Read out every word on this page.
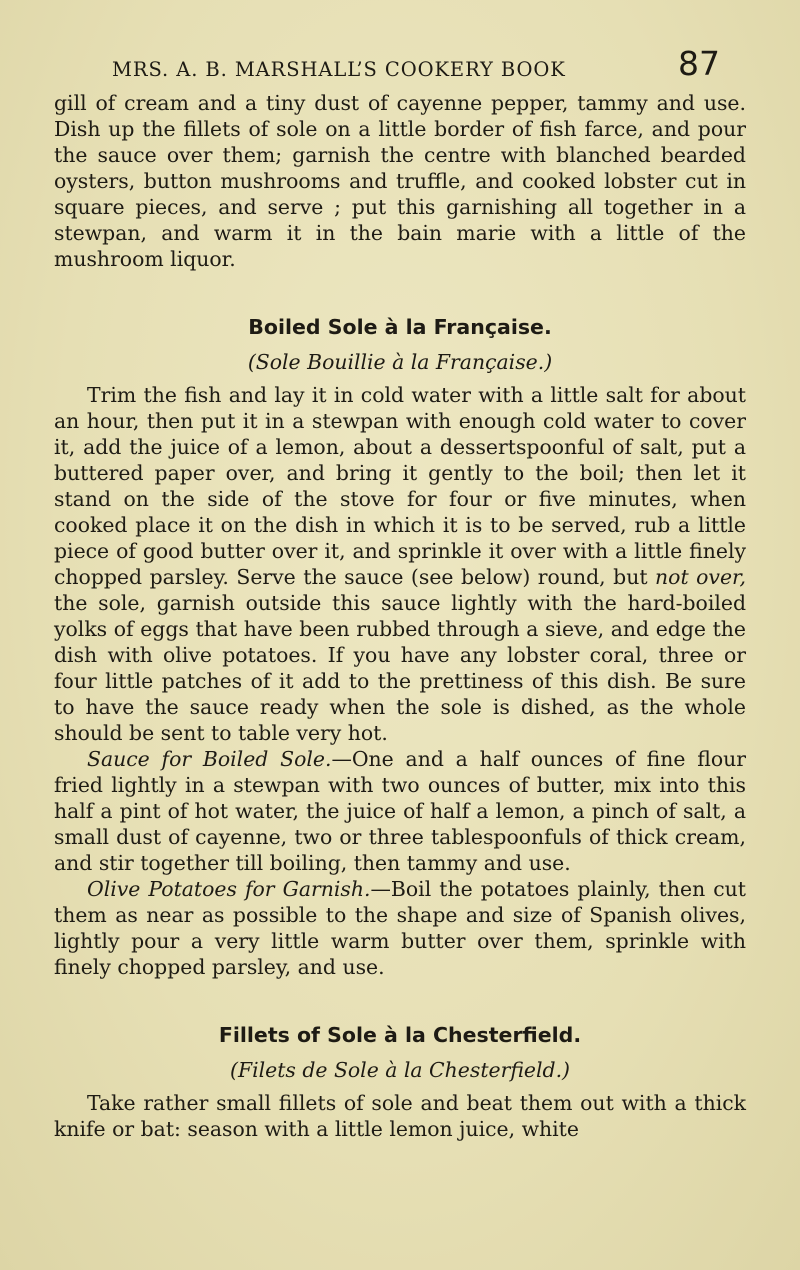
MRS. A. B. MARSHALL’S COOKERY BOOK	87

gill of cream and a tiny dust of cayenne pepper, tammy and use. Dish up the fillets of sole on a little border of fish farce, and pour the sauce over them; garnish the centre with blanched bearded oysters, button mushrooms and truffle, and cooked lobster cut in square pieces, and serve ; put this garnishing all together in a stewpan, and warm it in the bain marie with a little of the mushroom liquor.

Boiled Sole à la Française.
(Sole Bouillie à la Française.)

Trim the fish and lay it in cold water with a little salt for about an hour, then put it in a stewpan with enough cold water to cover it, add the juice of a lemon, about a dessertspoonful of salt, put a buttered paper over, and bring it gently to the boil; then let it stand on the side of the stove for four or five minutes, when cooked place it on the dish in which it is to be served, rub a little piece of good butter over it, and sprinkle it over with a little finely chopped parsley. Serve the sauce (see below) round, but not over, the sole, garnish outside this sauce lightly with the hard-boiled yolks of eggs that have been rubbed through a sieve, and edge the dish with olive potatoes. If you have any lobster coral, three or four little patches of it add to the prettiness of this dish. Be sure to have the sauce ready when the sole is dished, as the whole should be sent to table very hot.

Sauce for Boiled Sole.—One and a half ounces of fine flour fried lightly in a stewpan with two ounces of butter, mix into this half a pint of hot water, the juice of half a lemon, a pinch of salt, a small dust of cayenne, two or three tablespoonfuls of thick cream, and stir together till boiling, then tammy and use.

Olive Potatoes for Garnish.—Boil the potatoes plainly, then cut them as near as possible to the shape and size of Spanish olives, lightly pour a very little warm butter over them, sprinkle with finely chopped parsley, and use.

Fillets of Sole à la Chesterfield.
(Filets de Sole à la Chesterfield.)

Take rather small fillets of sole and beat them out with a thick knife or bat: season with a little lemon juice, white
